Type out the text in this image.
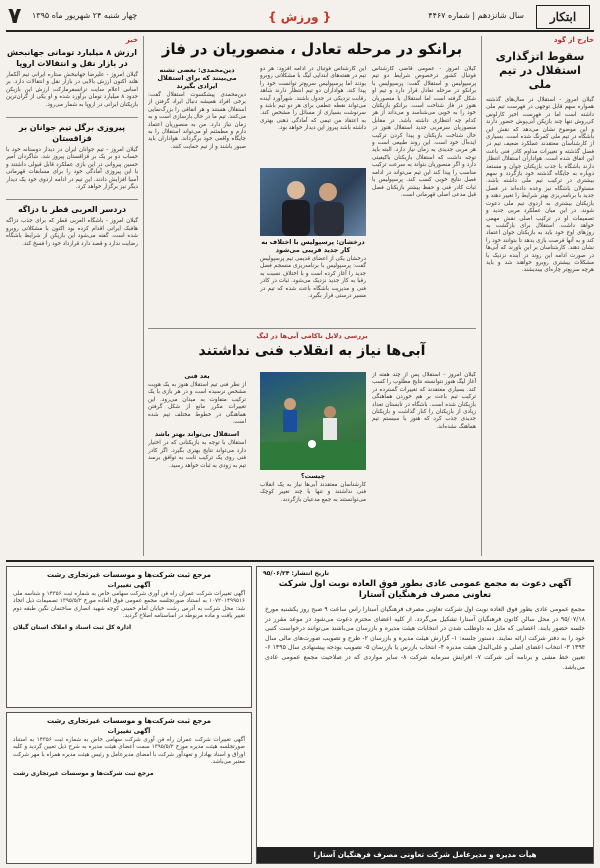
۷ چهار شنبه ۲۴ شهریور ماه ۱۳۹۵	{ ورزش }	سال شانزدهم | شماره ۴۴۶۷	ابتکار
خارج از گود
سقوط اتزگذاری استقلال در تیم ملی
گیلان امروز - استقلال در سال‌های گذشته همواره سهم قابل توجهی در فهرست تیم ملی داشته است اما در فهرست اخیر کارلوس کی‌روش تنها چند بازیکن آبی‌پوش حضور دارند و این موضوع نشان می‌دهد که نقش این باشگاه در تیم ملی کمرنگ شده است. بسیاری از کارشناسان معتقدند عملکرد ضعیف تیم در فصل گذشته و تغییرات مداوم کادر فنی باعث این اتفاق شده است. هواداران استقلال انتظار دارند باشگاه با جذب بازیکنان جوان و مستعد دوباره به جایگاه گذشته خود بازگردد و سهم بیشتری در ترکیب تیم ملی داشته باشد. مسئولان باشگاه نیز وعده داده‌اند در فصل جدید با برنامه‌ریزی بهتر شرایط را تغییر دهند و بازیکنان بیشتری به اردوی تیم ملی دعوت شوند. در این میان عملکرد مربی جدید و تصمیمات او در ترکیب اصلی نقش مهمی خواهد داشت. استقلال برای بازگشت به روزهای اوج خود باید به بازیکنان جوان اعتماد کند و به آنها فرصت بازی بدهد تا بتوانند خود را نشان دهند. کارشناسان بر این باورند که آبی‌ها در صورت ادامه این روند در آینده نزدیک با مشکلات بیشتری روبرو خواهند شد و باید هرچه سریع‌تر چاره‌ای بیندیشند.
برانکو در مرحله تعادل ، منصوریان در فاز
گیلان امروز - عمومی قاضی کارشناس فوتبال کشور درخصوص شرایط دو تیم پرسپولیس و استقلال گفت: پرسپولیس با برانکو در مرحله تعادل قرار دارد و تیم او شکل گرفته است اما استقلال با منصوریان هنوز در فاز شناخت است. برانکو بازیکنان خود را به خوبی می‌شناسد و می‌داند از هر کدام چه انتظاری داشته باشد. در مقابل منصوریان سرمربی جدید استقلال هنوز در حال شناخت بازیکنان و پیدا کردن ترکیب ایده‌آل خود است. این روند طبیعی است و هر مربی جدیدی به زمان نیاز دارد. البته باید توجه داشت که استقلال بازیکنان باکیفیتی دارد و اگر منصوریان بتواند به سرعت ترکیب مناسب را پیدا کند این تیم می‌تواند در ادامه فصل نتایج خوبی کسب کند. پرسپولیس با ثبات کادر فنی و حفظ بیشتر بازیکنان فصل قبل مدعی اصلی قهرمانی است.
این کارشناس فوتبال در ادامه افزود: هر دو تیم در هفته‌های ابتدایی لیگ با مشکلاتی روبرو بودند اما پرسپولیس سریع‌تر توانست خود را پیدا کند. هواداران دو تیم انتظار دارند شاهد رقابت نزدیکی در جدول باشند. شهرآورد آینده می‌تواند نقطه عطفی برای هر دو تیم باشد و سرنوشت بسیاری از مسائل را مشخص کند. به اعتقاد من تیمی که آمادگی ذهنی بهتری داشته باشد پیروز این دیدار خواهد بود.
درخشان: پرسپولیس با اختلاف به کار جدید قریبی می‌شود
درخشان یکی از اعضای قدیمی تیم پرسپولیس گفت: پرسپولیس با برنامه‌ریزی منسجم فصل جدید را آغاز کرده است و با اختلاف نسبت به رقبا به کار جدید نزدیک می‌شود. ثبات در کادر فنی و مدیریت باشگاه باعث شده که تیم در مسیر درستی قرار بگیرد.
دین‌محمدی: بعضی تشنه می‌بینند که برای استقلال ایرادی بگیرند
دین‌محمدی پیشکسوت استقلال گفت: برخی افراد همیشه دنبال ایراد گرفتن از استقلال هستند و هر اتفاقی را بزرگ‌نمایی می‌کنند. تیم ما در حال بازسازی است و به زمان نیاز دارد. من به منصوریان اعتماد دارم و مطمئنم او می‌تواند استقلال را به جایگاه واقعی خود برگرداند. هواداران باید صبور باشند و از تیم حمایت کنند.
بررسی دلایل ناکامی آبی‌ها در لیگ
آبی‌ها نیاز به انقلاب فنی نداشتند
گیلان امروز - استقلال پس از چند هفته از آغاز لیگ هنوز نتوانسته نتایج مطلوب را کسب کند. بسیاری معتقدند که تغییرات گسترده در ترکیب تیم باعث بر هم خوردن هماهنگی بازیکنان شده است. باشگاه در تابستان تعداد زیادی از بازیکنان را کنار گذاشت و بازیکنان جدیدی جذب کرد که هنوز با سیستم تیم هماهنگ نشده‌اند.
چیست؟
کارشناسان معتقدند آبی‌ها نیاز به یک انقلاب فنی نداشتند و تنها با چند تغییر کوچک می‌توانستند به جمع مدعیان بازگردند.
بعد فنی
از نظر فنی تیم استقلال هنوز به یک هویت مشخص نرسیده است و در هر بازی با یک ترکیب متفاوت به میدان می‌رود. این تغییرات مکرر مانع از شکل گرفتن هماهنگی در خطوط مختلف تیم شده است.
استقلال بی‌تواند بهتر باشد
استقلال با توجه به بازیکنانی که در اختیار دارد می‌تواند نتایج بهتری بگیرد. اگر کادر فنی روی یک ترکیب ثابت به توافق برسد تیم به زودی به ثبات خواهد رسید.
خبر
ارزش ۸ میلیارد تومانی جهانبخش در بازار نقل و انتقالات اروپا
گیلان امروز - علیرضا جهانبخش ستاره ایرانی تیم آلکمار هلند اکنون ارزش بالایی در بازار نقل و انتقالات دارد. بر اساس اعلام سایت ترانسفرمارکت ارزش این بازیکن حدود ۸ میلیارد تومان برآورد شده و او یکی از گران‌ترین بازیکنان ایرانی در اروپا به شمار می‌رود.
پیروزی برگل تیم جوانان بر قزاقستان
گیلان امروز - تیم جوانان ایران در دیدار دوستانه خود با حساب دو بر یک بر قزاقستان پیروز شد. شاگردان امیر حسین پیروانی در این بازی عملکرد قابل قبولی داشتند و با این پیروزی آمادگی خود را برای مسابقات قهرمانی آسیا افزایش دادند. این تیم در ادامه اردوی خود یک دیدار دیگر نیز برگزار خواهد کرد.
دردسر العربی قطر با دزاگه
گیلان امروز - باشگاه العربی قطر که برای جذب دزاگه هافبک ایرانی اقدام کرده بود اکنون با مشکلاتی روبرو شده است. گفته می‌شود این بازیکن از شرایط باشگاه رضایت ندارد و قصد دارد قرارداد خود را فسخ کند.
مرجع ثبت شرکت‌ها و موسسات غیرتجاری رشت
آگهی تغییرات
آگهی تغییرات شرکت عمران راه فن آوری شرکت سهامی خاص به شماره ثبت ۱۴۳۵۶ و شناسه ملی ۱۰۷۲۰۱۴۹۹۵۱۶ به استناد صورتجلسه مجمع عمومی فوق العاده مورخ ۱۳۹۵/۵/۲ تصمیمات ذیل اتخاذ شد: محل شرکت به آدرس رشت خیابان امام خمینی کوچه شهید انصاری ساختمان نگین طبقه دوم تغییر یافت و ماده مربوطه در اساسنامه اصلاح گردید.
اداره کل ثبت اسناد و املاک استان گیلان
مرجع ثبت شرکت‌ها و موسسات غیرتجاری رشت
آگهی تغییرات
آگهی تغییرات شرکت عمران راه فن آوری شرکت سهامی خاص به شماره ثبت ۱۴۳۵۶ به استناد صورتجلسه هیئت مدیره مورخ ۱۳۹۵/۵/۲ سمت اعضای هیئت مدیره به شرح ذیل تعیین گردید و کلیه اوراق و اسناد بهادار و تعهدآور شرکت با امضای مدیرعامل و رئیس هیئت مدیره همراه با مهر شرکت معتبر می‌باشد.
مرجع ثبت شرکت‌ها و موسسات غیرتجاری رشت
تاریخ انتشار: ۹۵/۰۶/۲۴
آگهی دعوت به مجمع عمومی عادی بطور فوق العاده نوبت اول شرکت تعاونی مصرف فرهنگیان آستارا
مجمع عمومی عادی بطور فوق العاده نوبت اول شرکت تعاونی مصرف فرهنگیان آستارا راس ساعت ۹ صبح روز یکشنبه مورخ ۹۵/۰۷/۱۸ در محل سالن کانون فرهنگیان آستارا تشکیل می‌گردد. از کلیه اعضای محترم دعوت می‌شود در موعد مقرر در جلسه حضور یابند. اعضایی که مایل به داوطلب شدن در انتخابات هیئت مدیره و بازرسان می‌باشند می‌توانند درخواست کتبی خود را به دفتر شرکت ارائه نمایند. دستور جلسه: ۱- گزارش هیئت مدیره و بازرسان ۲- طرح و تصویب صورت‌های مالی سال ۱۳۹۴ ۳- انتخاب اعضای اصلی و علی‌البدل هیئت مدیره ۴- انتخاب بازرس یا بازرسان ۵- تصویب بودجه پیشنهادی سال ۱۳۹۵ ۶- تعیین خط مشی و برنامه آتی شرکت ۷- افزایش سرمایه شرکت ۸- سایر مواردی که در صلاحیت مجمع عمومی عادی می‌باشد.
هیأت مدیره و مدیرعامل شرکت تعاونی مصرف فرهنگیان آستارا
